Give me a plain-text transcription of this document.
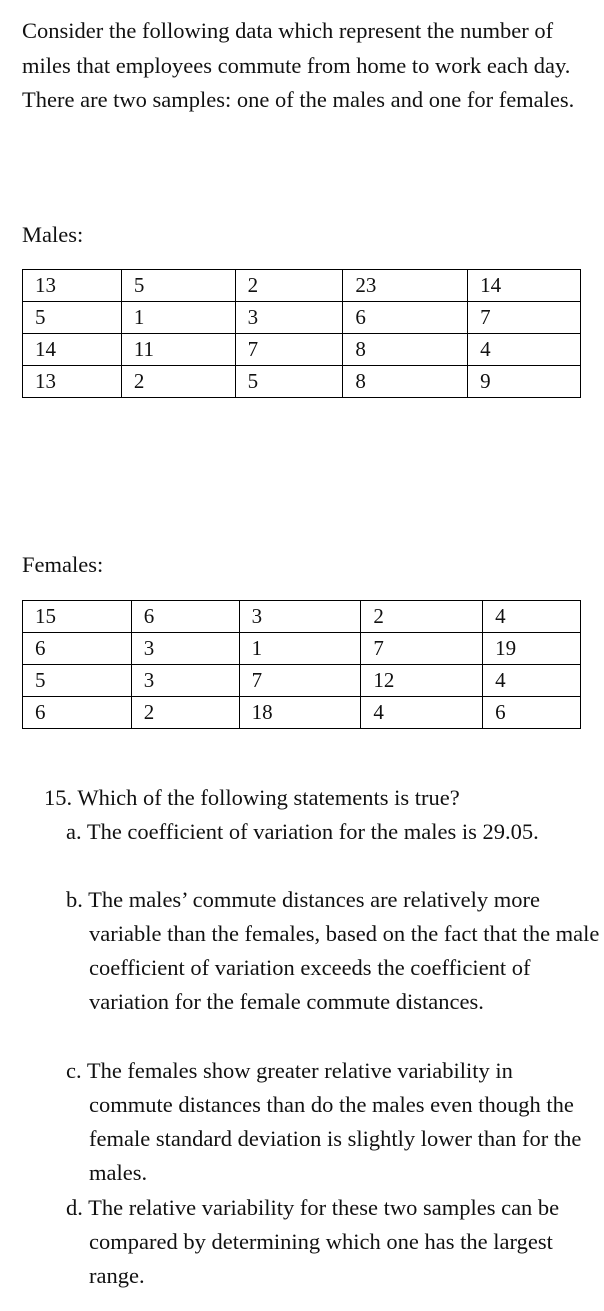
Consider the following data which represent the number of miles that employees commute from home to work each day. There are two samples: one of the males and one for females.

Males:

13	5	2	23	14
5	1	3	6	7
14	11	7	8	4
13	2	5	8	9

Females:

15	6	3	2	4
6	3	1	7	19
5	3	7	12	4
6	2	18	4	6

15. Which of the following statements is true?

a. The coefficient of variation for the males is 29.05.

b. The males’ commute distances are relatively more variable than the females, based on the fact that the male coefficient of variation exceeds the coefficient of variation for the female commute distances.

c. The females show greater relative variability in commute distances than do the males even though the female standard deviation is slightly lower than for the males.

d. The relative variability for these two samples can be compared by determining which one has the largest range.
